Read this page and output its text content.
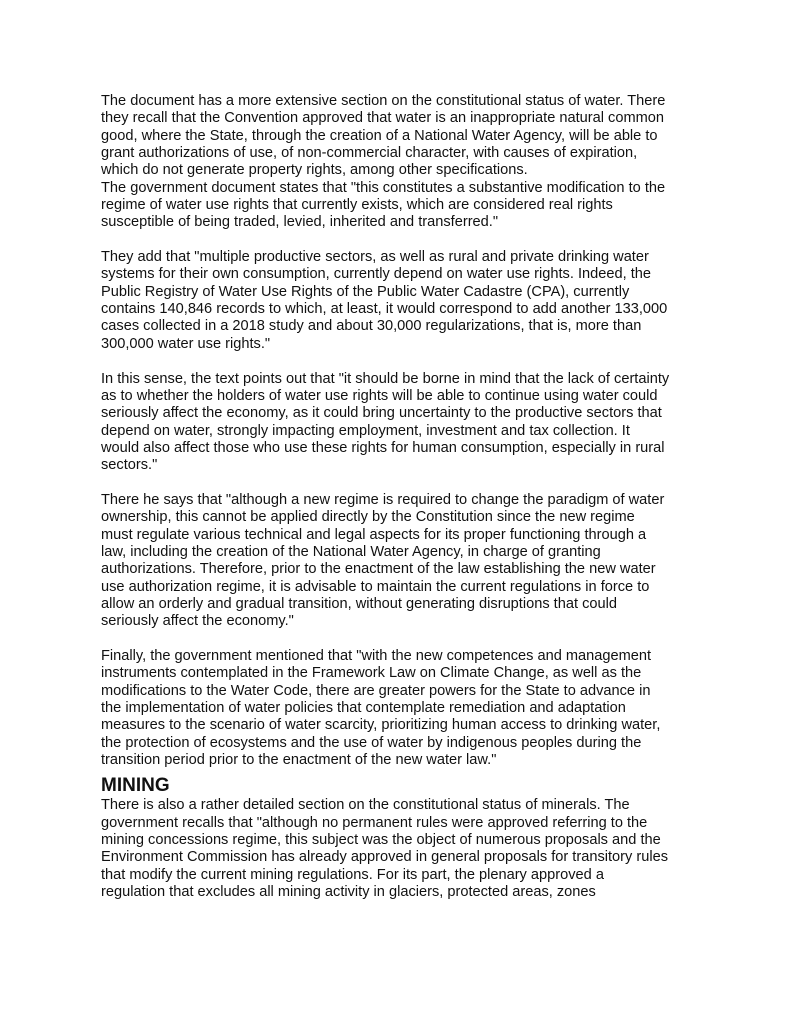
The document has a more extensive section on the constitutional status of water. There
they recall that the Convention approved that water is an inappropriate natural common
good, where the State, through the creation of a National Water Agency, will be able to
grant authorizations of use, of non-commercial character, with causes of expiration,
which do not generate property rights, among other specifications.

The government document states that "this constitutes a substantive modification to the
regime of water use rights that currently exists, which are considered real rights
susceptible of being traded, levied, inherited and transferred."

They add that "multiple productive sectors, as well as rural and private drinking water
systems for their own consumption, currently depend on water use rights. Indeed, the
Public Registry of Water Use Rights of the Public Water Cadastre (CPA), currently
contains 140,846 records to which, at least, it would correspond to add another 133,000
cases collected in a 2018 study and about 30,000 regularizations, that is, more than
300,000 water use rights."

In this sense, the text points out that "it should be borne in mind that the lack of certainty
as to whether the holders of water use rights will be able to continue using water could
seriously affect the economy, as it could bring uncertainty to the productive sectors that
depend on water, strongly impacting employment, investment and tax collection. It
would also affect those who use these rights for human consumption, especially in rural
sectors."

There he says that "although a new regime is required to change the paradigm of water
ownership, this cannot be applied directly by the Constitution since the new regime
must regulate various technical and legal aspects for its proper functioning through a
law, including the creation of the National Water Agency, in charge of granting
authorizations. Therefore, prior to the enactment of the law establishing the new water
use authorization regime, it is advisable to maintain the current regulations in force to
allow an orderly and gradual transition, without generating disruptions that could
seriously affect the economy."

Finally, the government mentioned that "with the new competences and management
instruments contemplated in the Framework Law on Climate Change, as well as the
modifications to the Water Code, there are greater powers for the State to advance in
the implementation of water policies that contemplate remediation and adaptation
measures to the scenario of water scarcity, prioritizing human access to drinking water,
the protection of ecosystems and the use of water by indigenous peoples during the
transition period prior to the enactment of the new water law."

MINING

There is also a rather detailed section on the constitutional status of minerals. The
government recalls that "although no permanent rules were approved referring to the
mining concessions regime, this subject was the object of numerous proposals and the
Environment Commission has already approved in general proposals for transitory rules
that modify the current mining regulations. For its part, the plenary approved a
regulation that excludes all mining activity in glaciers, protected areas, zones
